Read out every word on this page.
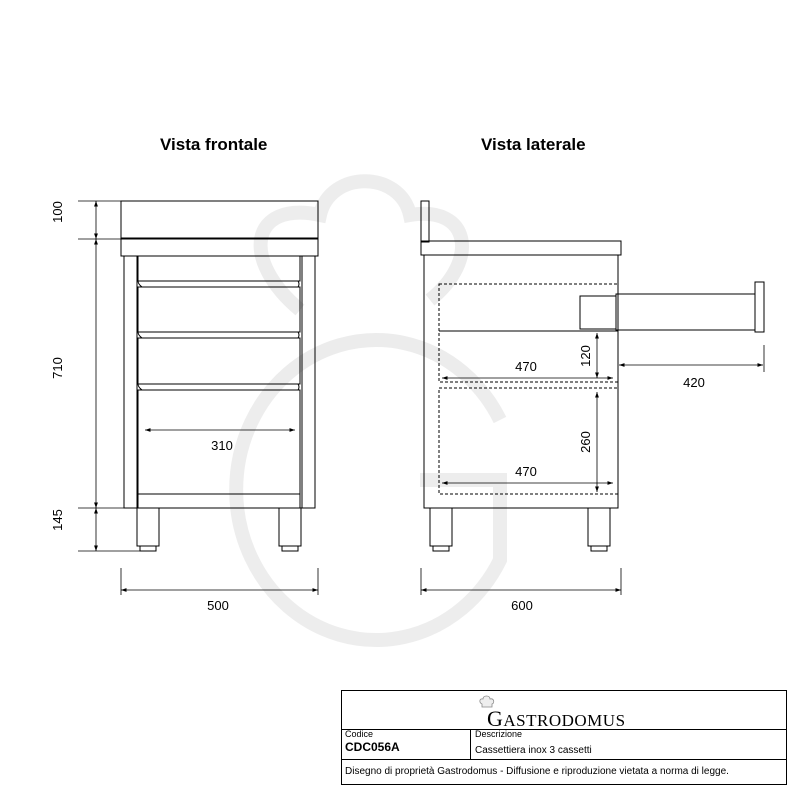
Vista frontale	Vista laterale
100
710
145
310
500
470	120
470
260
420
600
GASTRODOMUS
Codice
CDC056A
Descrizione
Cassettiera inox 3 cassetti
Disegno di proprietà Gastrodomus - Diffusione e riproduzione vietata a norma di legge.
